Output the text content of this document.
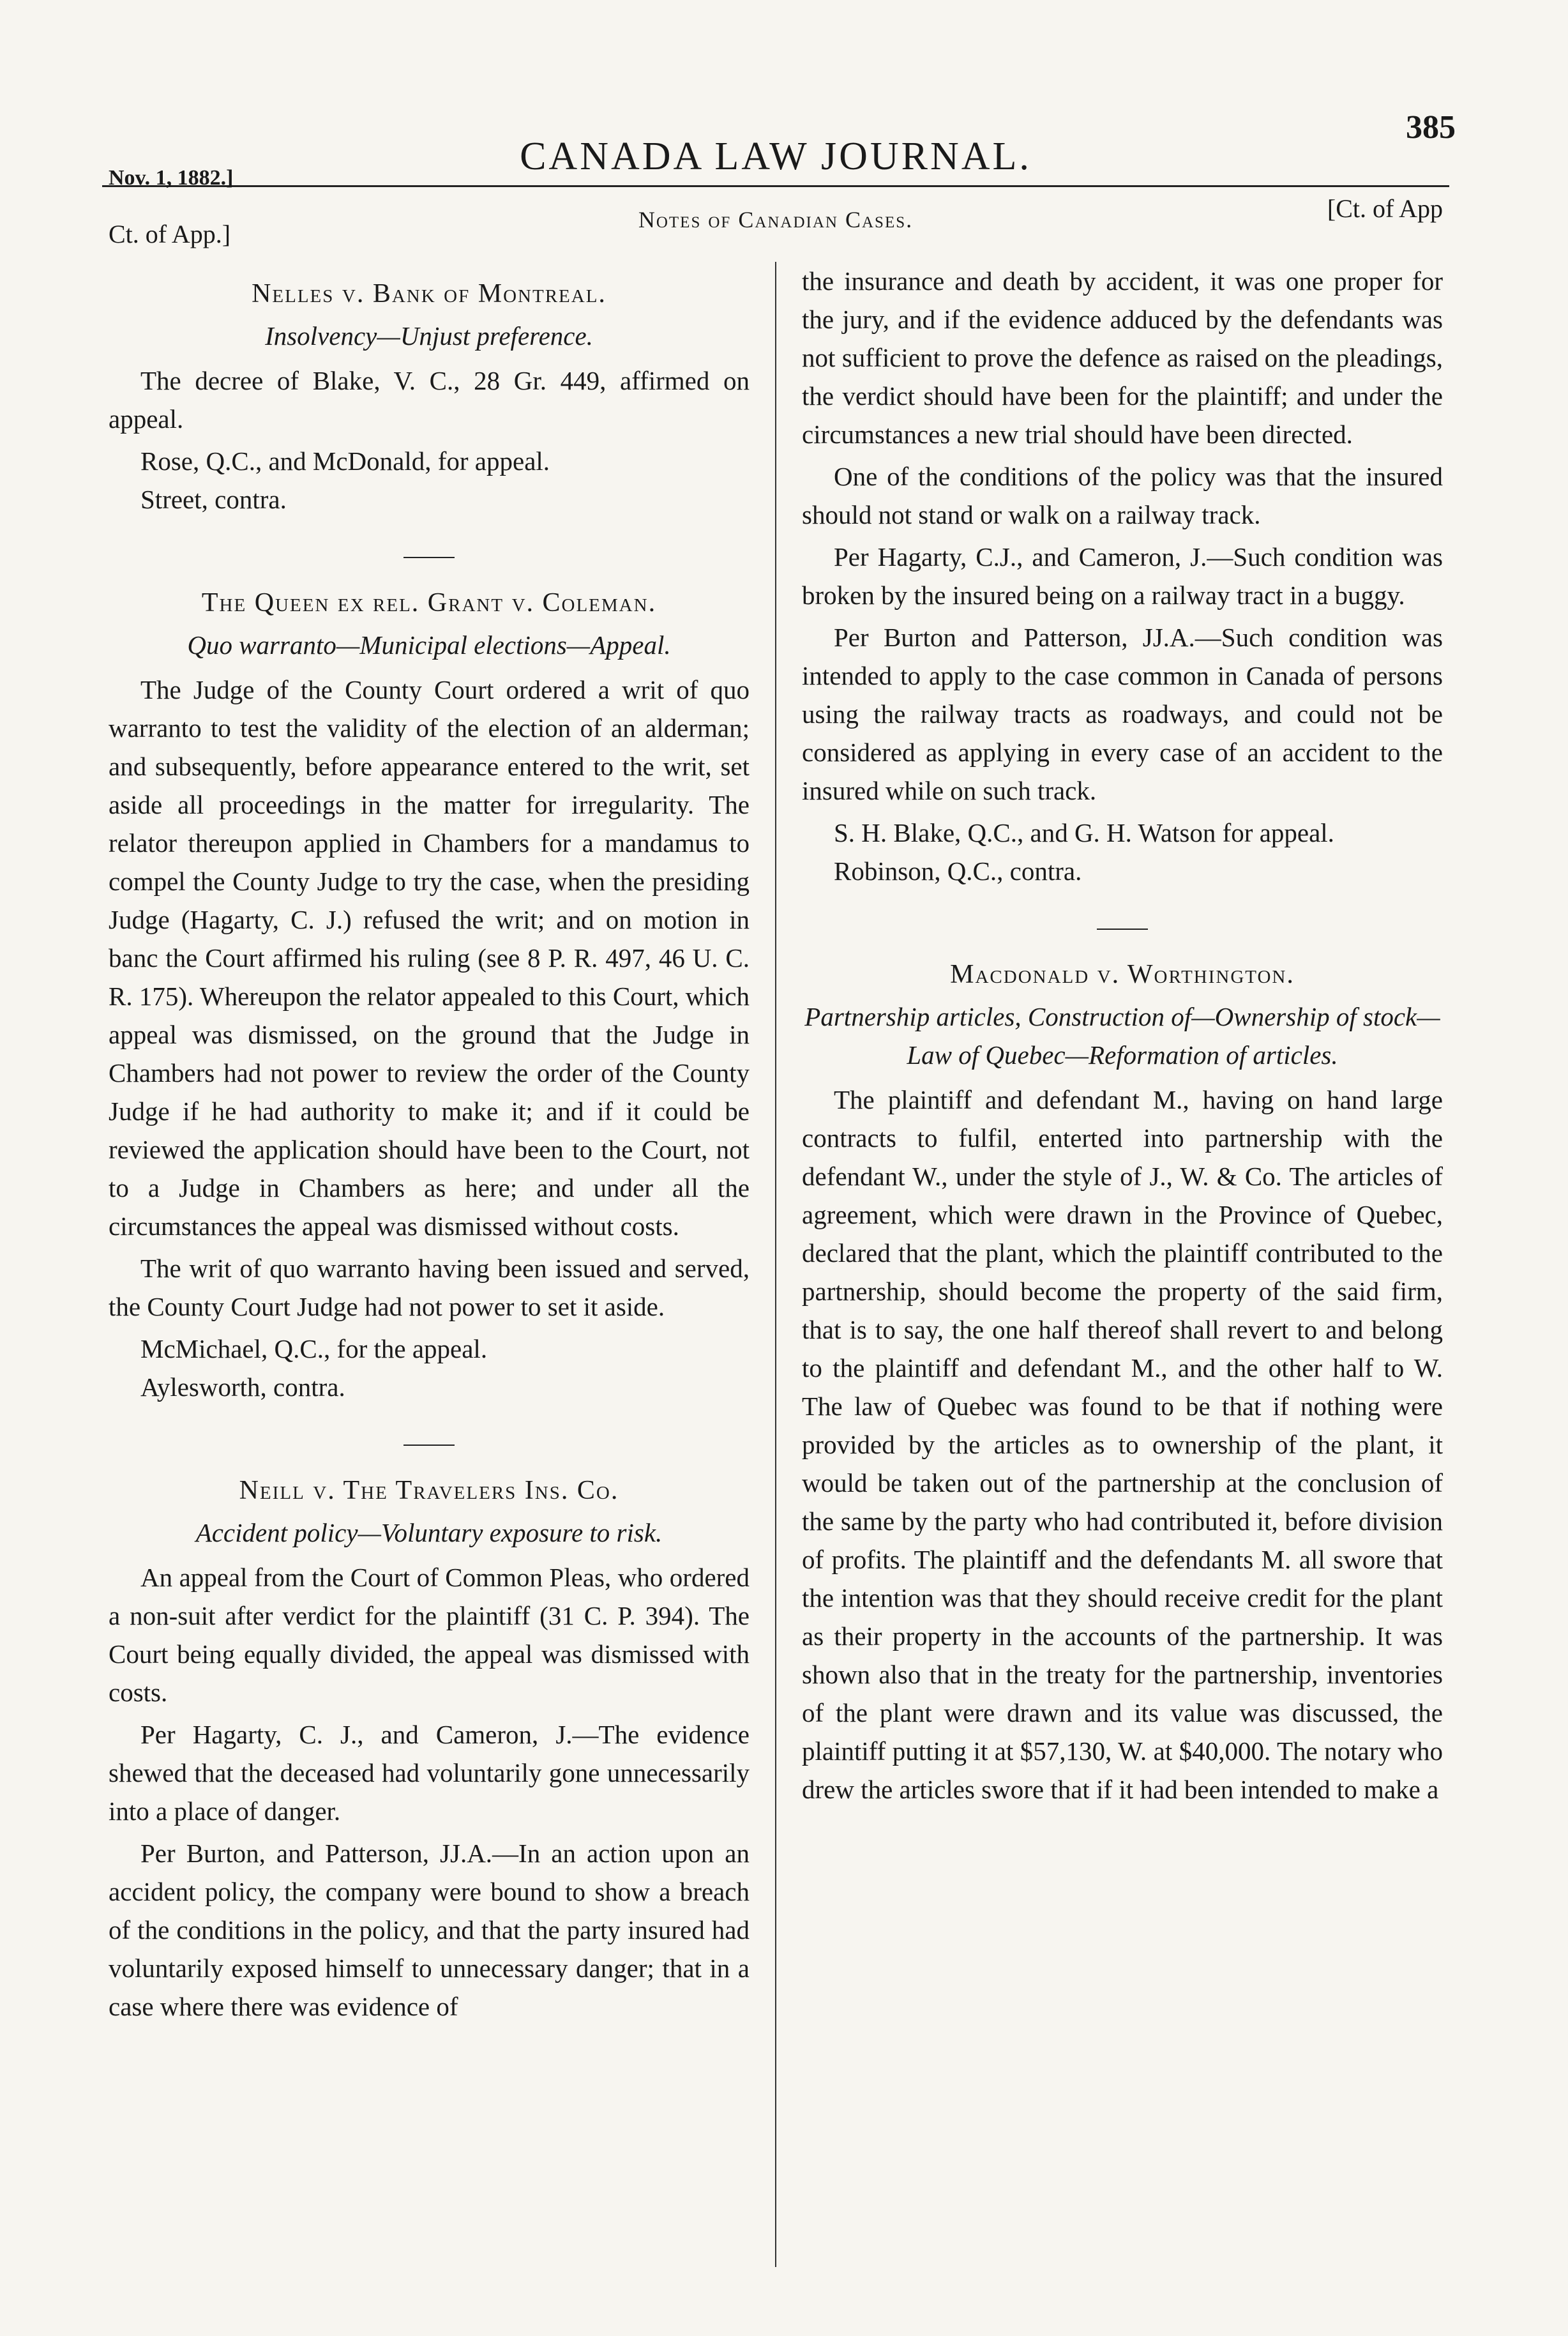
Nov. 1, 1882.]	CANADA LAW JOURNAL.
385
Ct. of App.]	Notes of Canadian Cases.	[Ct. of App
Nelles v. Bank of Montreal.
Insolvency—Unjust preference.

The decree of Blake, V. C., 28 Gr. 449, affirmed on appeal.

Rose, Q.C., and McDonald, for appeal.

Street, contra.

The Queen ex rel. Grant v. Coleman.
Quo warranto—Municipal elections—Appeal.

The Judge of the County Court ordered a writ of quo warranto to test the validity of the election of an alderman; and subsequently, before appearance entered to the writ, set aside all proceedings in the matter for irregularity. The relator thereupon applied in Chambers for a mandamus to compel the County Judge to try the case, when the presiding Judge (Hagarty, C. J.) refused the writ; and on motion in banc the Court affirmed his ruling (see 8 P. R. 497, 46 U. C. R. 175). Whereupon the relator appealed to this Court, which appeal was dismissed, on the ground that the Judge in Chambers had not power to review the order of the County Judge if he had authority to make it; and if it could be reviewed the application should have been to the Court, not to a Judge in Chambers as here; and under all the circumstances the appeal was dismissed without costs.

The writ of quo warranto having been issued and served, the County Court Judge had not power to set it aside.

McMichael, Q.C., for the appeal.

Aylesworth, contra.

Neill v. The Travelers Ins. Co.
Accident policy—Voluntary exposure to risk.

An appeal from the Court of Common Pleas, who ordered a non-suit after verdict for the plaintiff (31 C. P. 394). The Court being equally divided, the appeal was dismissed with costs.

Per Hagarty, C. J., and Cameron, J.—The evidence shewed that the deceased had voluntarily gone unnecessarily into a place of danger.

Per Burton, and Patterson, JJ.A.—In an action upon an accident policy, the company were bound to show a breach of the conditions in the policy, and that the party insured had voluntarily exposed himself to unnecessary danger; that in a case where there was evidence of

the insurance and death by accident, it was one proper for the jury, and if the evidence adduced by the defendants was not sufficient to prove the defence as raised on the pleadings, the verdict should have been for the plaintiff; and under the circumstances a new trial should have been directed.

One of the conditions of the policy was that the insured should not stand or walk on a railway track.

Per Hagarty, C.J., and Cameron, J.—Such condition was broken by the insured being on a railway tract in a buggy.

Per Burton and Patterson, JJ.A.—Such condition was intended to apply to the case common in Canada of persons using the railway tracts as roadways, and could not be considered as applying in every case of an accident to the insured while on such track.

S. H. Blake, Q.C., and G. H. Watson for appeal.

Robinson, Q.C., contra.

Macdonald v. Worthington.
Partnership articles, Construction of—Ownership of stock—Law of Quebec—Reformation of articles.

The plaintiff and defendant M., having on hand large contracts to fulfil, enterted into partnership with the defendant W., under the style of J., W. & Co. The articles of agreement, which were drawn in the Province of Quebec, declared that the plant, which the plaintiff contributed to the partnership, should become the property of the said firm, that is to say, the one half thereof shall revert to and belong to the plaintiff and defendant M., and the other half to W. The law of Quebec was found to be that if nothing were provided by the articles as to ownership of the plant, it would be taken out of the partnership at the conclusion of the same by the party who had contributed it, before division of profits. The plaintiff and the defendants M. all swore that the intention was that they should receive credit for the plant as their property in the accounts of the partnership. It was shown also that in the treaty for the partnership, inventories of the plant were drawn and its value was discussed, the plaintiff putting it at $57,130, W. at $40,000. The notary who drew the articles swore that if it had been intended to make a
